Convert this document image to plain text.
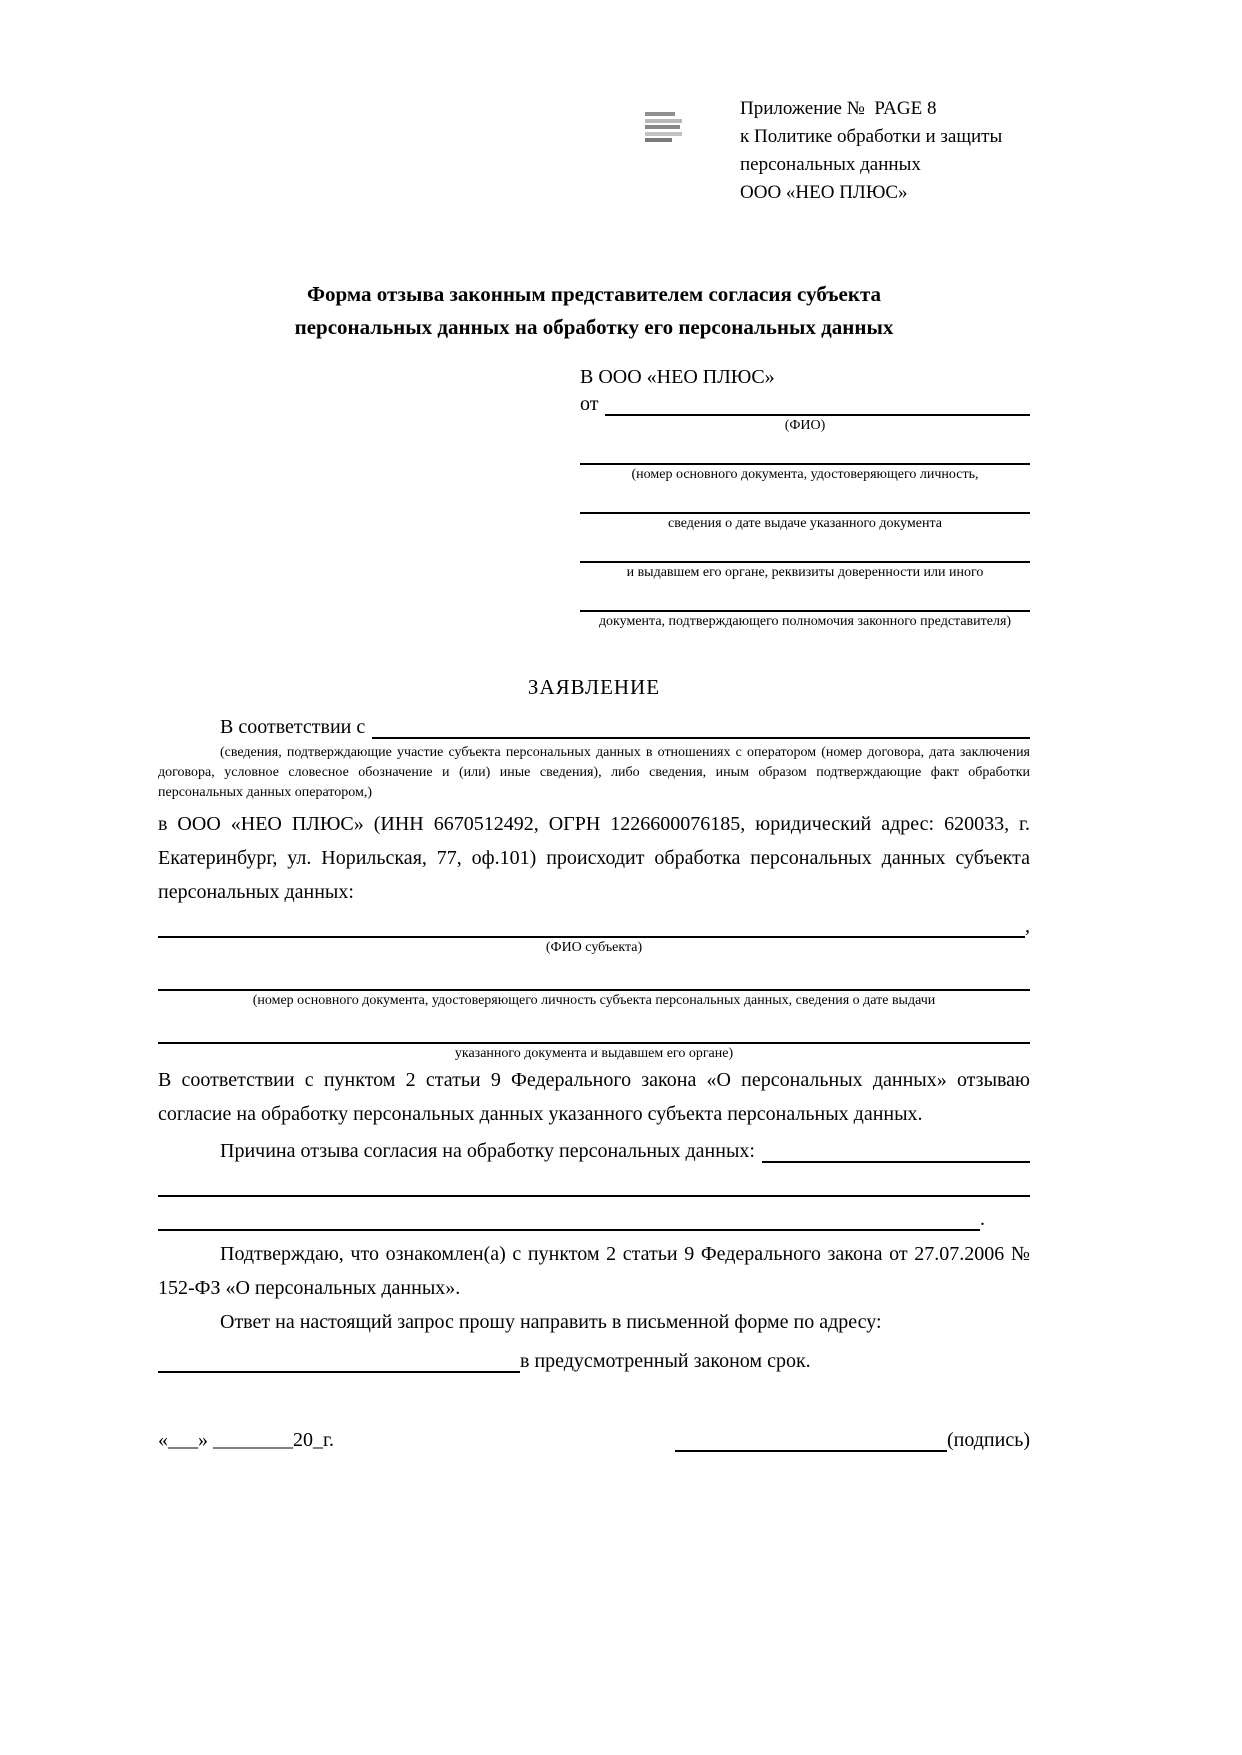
Приложение №  PAGE 8
к Политике обработки и защиты
персональных данных
ООО «НЕО ПЛЮС»
Форма отзыва законным представителем согласия субъекта
персональных данных на обработку его персональных данных
В ООО «НЕО ПЛЮС»
от
(ФИО)
(номер основного документа, удостоверяющего личность,
сведения о дате выдаче указанного документа
и выдавшем его органе, реквизиты доверенности или иного
документа, подтверждающего полномочия законного представителя)
ЗАЯВЛЕНИЕ
В соответствии с
(сведения, подтверждающие участие субъекта персональных данных в отношениях с оператором (номер договора, дата заключения договора, условное словесное обозначение и (или) иные сведения), либо сведения, иным образом подтверждающие факт обработки персональных данных оператором,)

в ООО «НЕО ПЛЮС» (ИНН 6670512492, ОГРН 1226600076185, юридический адрес: 620033, г. Екатеринбург, ул. Норильская, 77, оф.101) происходит обработка персональных данных субъекта персональных данных:

,
(ФИО субъекта)
(номер основного документа, удостоверяющего личность субъекта персональных данных, сведения о дате выдачи
указанного документа и выдавшем его органе)

В соответствии с пунктом 2 статьи 9 Федерального закона «О персональных данных» отзываю согласие на обработку персональных данных указанного субъекта персональных данных.

Причина отзыва согласия на обработку персональных данных:
.

Подтверждаю, что ознакомлен(а) с пунктом 2 статьи 9 Федерального закона от 27.07.2006 № 152-ФЗ «О персональных данных».

Ответ на настоящий запрос прошу направить в письменной форме по адресу:

в предусмотренный законом срок.
«___» ________20_г.	(подпись)
